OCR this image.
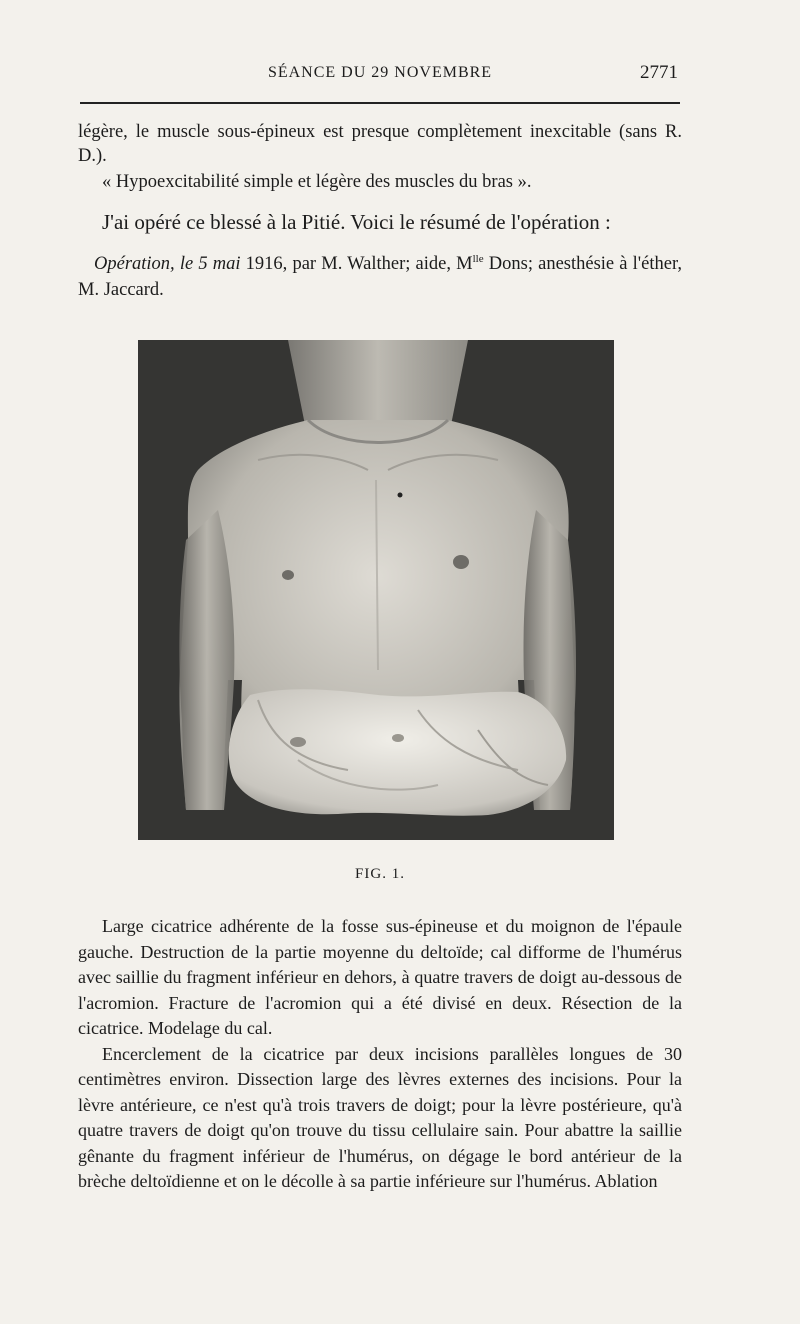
SÉANCE DU 29 NOVEMBRE	2771

légère, le muscle sous-épineux est presque complètement inexcitable (sans R. D.).

« Hypoexcitabilité simple et légère des muscles du bras ».

J'ai opéré ce blessé à la Pitié. Voici le résumé de l'opération :

Opération, le 5 mai 1916, par M. Walther; aide, $M^{lle}$ Dons; anesthésie à l'éther, M. Jaccard.

FIG. 1.

Large cicatrice adhérente de la fosse sus-épineuse et du moignon de l'épaule gauche. Destruction de la partie moyenne du deltoïde; cal difforme de l'humérus avec saillie du fragment inférieur en dehors, à quatre travers de doigt au-dessous de l'acromion. Fracture de l'acromion qui a été divisé en deux. Résection de la cicatrice. Modelage du cal.

Encerclement de la cicatrice par deux incisions parallèles longues de 30 centimètres environ. Dissection large des lèvres externes des incisions. Pour la lèvre antérieure, ce n'est qu'à trois travers de doigt; pour la lèvre postérieure, qu'à quatre travers de doigt qu'on trouve du tissu cellulaire sain. Pour abattre la saillie gênante du fragment inférieur de l'humérus, on dégage le bord antérieur de la brèche deltoïdienne et on le décolle à sa partie inférieure sur l'humérus. Ablation
